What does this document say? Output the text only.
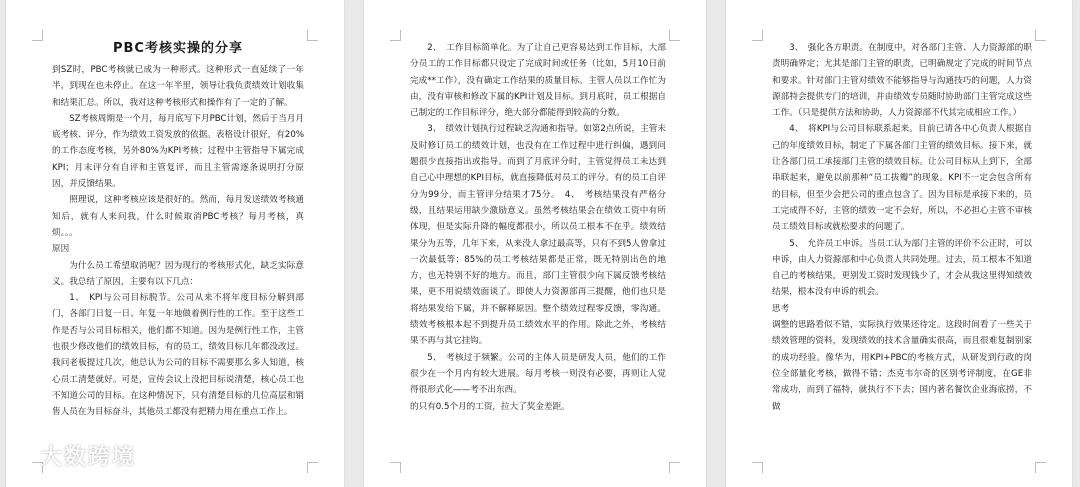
PBC考核实操的分享

到SZ时，PBC考核就已成为一种形式。这种形式一直延续了一年半，到现在也未停止。在这一年半里，领导让我负责绩效计划收集和结果汇总。所以，我对这种考核形式和操作有了一定的了解。

SZ考核周期是一个月，每月底写下月PBC计划，然后于当月月底考核、评分，作为绩效工资发放的依据。表格设计很好，有20%的工作态度考核，另外80%为KPI考核；过程中主管指导下属完成KPI；月末评分有自评和主管复评，而且主管需逐条说明打分原因，并反馈结果。

照理说，这种考核应该是很好的。然而，每月发送绩效考核通知后，就有人来问我，什么时候取消PBC考核？每月考核，真烦。。。

原因

为什么员工希望取消呢？因为现行的考核形式化，缺乏实际意义。我总结了原因，主要有以下几点：

1、　KPI与公司目标脱节。公司从来不将年度目标分解到部门，各部门日复一日、年复一年地做着例行性的工作。至于这些工作是否与公司目标相关，他们都不知道。因为是例行性工作，主管也很少修改他们的绩效目标，有的员工，绩效目标几年都没改过。我问老板提过几次，他总认为公司的目标不需要那么多人知道，核心员工清楚就好。可是，宣传会议上没把目标说清楚，核心员工也不知道公司的目标。在这种情况下，只有清楚目标的几位高层和销售人员在为目标奋斗，其他员工都没有把精力用在重点工作上。

2、　工作目标简单化。为了让自己更容易达到工作目标，大部分员工的工作目标都只设定了完成时间或任务（比如，5月10日前完成**工作），没有确定工作结果的质量目标。主管人员以工作忙为由，没有审核和修改下属的KPI计划及目标。到月底时，员工根据自己制定的工作目标评分，绝大部分都能得到较高的分数。

3、　绩效计划执行过程缺乏沟通和指导。如第2点所说，主管未及时修订员工的绩效计划，也没有在工作过程中进行纠偏，遇到问题很少直接指出或指导。而到了月底评分时，主管觉得员工未达到自己心中理想的KPI目标，就直接降低对员工的评分。有的员工自评分为99分，而主管评分结果才75分。　4、　考核结果没有严格分级，且结果运用缺少激励意义。虽然考核结果会在绩效工资中有所体现，但是实际升降的幅度都很小，所以员工根本不在乎。绩效结果分为五等，几年下来，从来没人拿过最高等，只有不到5人曾拿过一次最低等；85%的员工考核结果都是正常，既无特别出色的地方，也无特别不好的地方。而且，部门主管很少向下属反馈考核结果，更不用说绩效面谈了。即使人力资源部再三提醒，他们也只是将结果发给下属，并不解释原因。整个绩效过程零反馈，零沟通。绩效考核根本起不到提升员工绩效水平的作用。除此之外，考核结果不再与其它挂钩。

5、　考核过于频繁。公司的主体人员是研发人员，他们的工作很少在一个月内有较大进展。每月考核一则没有必要，再则让人觉得很形式化——考不出东西。

的只有0.5个月的工资，拉大了奖金差距。

3、　强化各方职责。在制度中，对各部门主管、人力资源部的职责明确界定；尤其是部门主管的职责，已明确规定了完成的时间节点和要求。针对部门主管对绩效不能够指导与沟通技巧的问题，人力资源部特会提供专门的培训，并由绩效专员随时协助部门主管完成这些工作。（只是提供方法和协助，人力资源部不代其完成相应工作。）

4、　将KPI与公司目标联系起来。目前已请各中心负责人根据自己的年度绩效目标，制定了下属各部门主管的绩效目标。接下来，就让各部门员工承接部门主管的绩效目标。让公司目标从上到下，全部串联起来，避免以前那种“员工拔瓣”的现象。KPI不一定会包含所有的目标，但至少会把公司的重点包含了。因为目标是承接下来的，员工完成得不好，主管的绩效一定不会好，所以，不必担心主管不审核员工绩效目标或就松要求的问题了。

5、　允许员工申诉。当员工认为部门主管的评价不公正时，可以申诉，由人力资源部和中心负责人共同处理。过去，员工根本不知道自己的考核结果，更别发工资时发现钱少了，才会从我这里得知绩效结果，根本没有申诉的机会。

思考

调整的思路看似不错，实际执行效果还待定。这段时间看了一些关于绩效管理的资料，发现绩效的技术含量确实很高，而且很难复制别家的成功经验。像华为，用KPI+PBC的考核方式，从研发到行政的岗位全部量化考核，做得不错；杰克韦尔奇的区别考评制度，在GE非常成功，而到了福特，就执行不下去；国内著名餐饮企业海底捞，不做

大数跨境
